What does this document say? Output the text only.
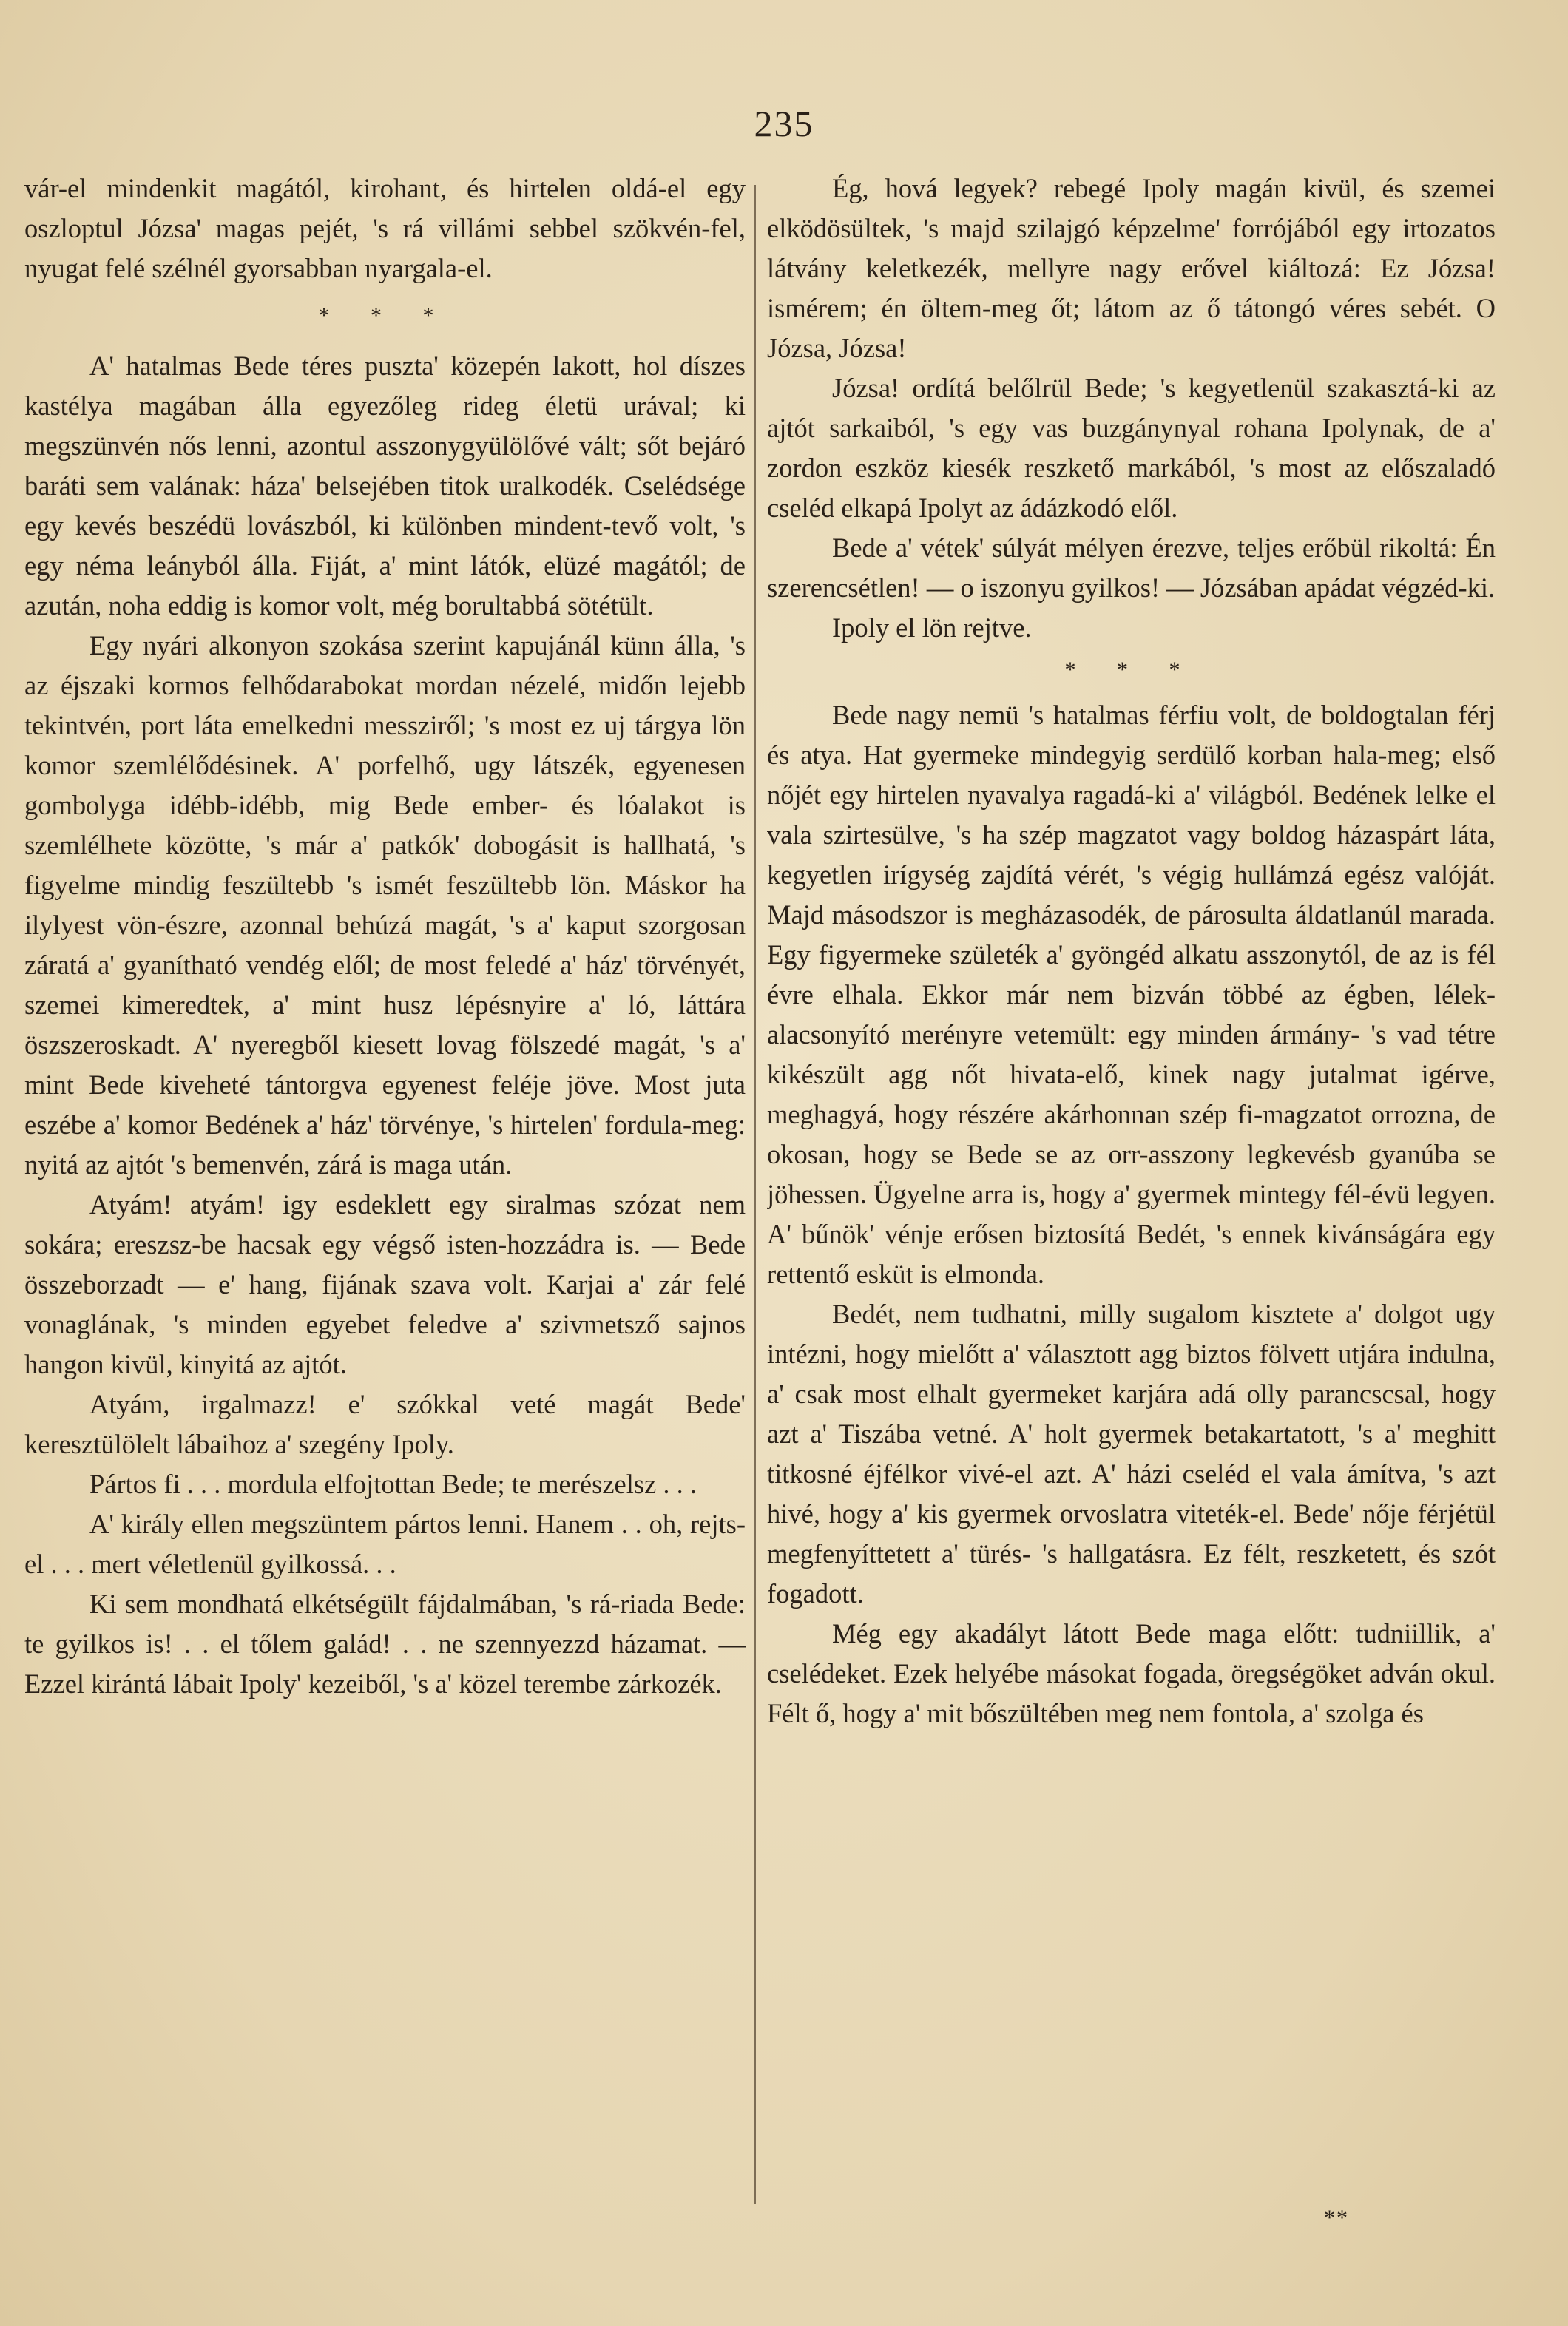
235

vár-el mindenkit magától, kirohant, és hirtelen oldá-el egy oszloptul Józsa' magas pejét, 's rá villámi sebbel szökvén-fel, nyugat felé szélnél gyorsabban nyargala-el.

* * *

A' hatalmas Bede téres puszta' közepén lakott, hol díszes kastélya magában álla egyezőleg rideg életü urával; ki megszünvén nős lenni, azontul asszonygyülölővé vált; sőt bejáró baráti sem valának: háza' belsejében titok uralkodék. Cselédsége egy kevés beszédü lovászból, ki különben mindent-tevő volt, 's egy néma leányból álla. Fiját, a' mint látók, elüzé magától; de azután, noha eddig is komor volt, még borultabbá sötétült.

Egy nyári alkonyon szokása szerint kapujánál künn álla, 's az éjszaki kormos felhődarabokat mordan nézelé, midőn lejebb tekintvén, port láta emelkedni messziről; 's most ez uj tárgya lön komor szemlélődésinek. A' porfelhő, ugy látszék, egyenesen gombolyga idébb-idébb, mig Bede ember- és lóalakot is szemlélhete közötte, 's már a' patkók' dobogásit is hallhatá, 's figyelme mindig feszültebb 's ismét feszültebb lön. Máskor ha ilylyest vön-észre, azonnal behúzá magát, 's a' kaput szorgosan záratá a' gyanítható vendég elől; de most feledé a' ház' törvényét, szemei kimeredtek, a' mint husz lépésnyire a' ló, láttára öszszeroskadt. A' nyeregből kiesett lovag fölszedé magát, 's a' mint Bede kiveheté tántorgva egyenest feléje jöve. Most juta eszébe a' komor Bedének a' ház' törvénye, 's hirtelen' fordula-meg: nyitá az ajtót 's bemenvén, zárá is maga után.

Atyám! atyám! igy esdeklett egy siralmas szózat nem sokára; ereszsz-be hacsak egy végső isten-hozzádra is. — Bede összeborzadt — e' hang, fijának szava volt. Karjai a' zár felé vonaglának, 's minden egyebet feledve a' szivmetsző sajnos hangon kivül, kinyitá az ajtót.

Atyám, irgalmazz! e' szókkal veté magát Bede' keresztülölelt lábaihoz a' szegény Ipoly.

Pártos fi . . . mordula elfojtottan Bede; te merészelsz . . .

A' király ellen megszüntem pártos lenni. Hanem . . oh, rejts-el . . . mert véletlenül gyilkossá. . .

Ki sem mondhatá elkétségült fájdalmában, 's rá-riada Bede: te gyilkos is! . . el tőlem galád! . . ne szennyezzd házamat. — Ezzel kirántá lábait Ipoly' kezeiből, 's a' közel terembe zárkozék.

Ég, hová legyek? rebegé Ipoly magán kivül, és szemei elködösültek, 's majd szilajgó képzelme' forrójából egy irtozatos látvány keletkezék, mellyre nagy erővel kiáltozá: Ez Józsa! ismérem; én öltem-meg őt; látom az ő tátongó véres sebét. O Józsa, Józsa!

Józsa! ordítá belőlrül Bede; 's kegyetlenül szakasztá-ki az ajtót sarkaiból, 's egy vas buzgánynyal rohana Ipolynak, de a' zordon eszköz kiesék reszkető markából, 's most az előszaladó cseléd elkapá Ipolyt az ádázkodó elől.

Bede a' vétek' súlyát mélyen érezve, teljes erőbül rikoltá: Én szerencsétlen! — o iszonyu gyilkos! — Józsában apádat végzéd-ki.

Ipoly el lön rejtve.

* * *

Bede nagy nemü 's hatalmas férfiu volt, de boldogtalan férj és atya. Hat gyermeke mindegyig serdülő korban hala-meg; első nőjét egy hirtelen nyavalya ragadá-ki a' világból. Bedének lelke el vala szirtesülve, 's ha szép magzatot vagy boldog házaspárt láta, kegyetlen irígység zajdítá vérét, 's végig hullámzá egész valóját. Majd másodszor is megházasodék, de párosulta áldatlanúl marada. Egy figyermeke születék a' gyöngéd alkatu asszonytól, de az is fél évre elhala. Ekkor már nem bizván többé az égben, lélek-alacsonyító merényre vetemült: egy minden ármány- 's vad tétre kikészült agg nőt hivata-elő, kinek nagy jutalmat igérve, meghagyá, hogy részére akárhonnan szép fi-magzatot orrozna, de okosan, hogy se Bede se az orr-asszony legkevésb gyanúba se jöhessen. Ügyelne arra is, hogy a' gyermek mintegy fél-évü legyen. A' bűnök' vénje erősen biztosítá Bedét, 's ennek kivánságára egy rettentő esküt is elmonda.

Bedét, nem tudhatni, milly sugalom kisztete a' dolgot ugy intézni, hogy mielőtt a' választott agg biztos fölvett utjára indulna, a' csak most elhalt gyermeket karjára adá olly parancscsal, hogy azt a' Tiszába vetné. A' holt gyermek betakartatott, 's a' meghitt titkosné éjfélkor vivé-el azt. A' házi cseléd el vala ámítva, 's azt hivé, hogy a' kis gyermek orvoslatra viteték-el. Bede' nője férjétül megfenyíttetett a' türés- 's hallgatásra. Ez félt, reszketett, és szót fogadott.

Még egy akadályt látott Bede maga előtt: tudniillik, a' cselédeket. Ezek helyébe másokat fogada, öregségöket adván okul. Félt ő, hogy a' mit bőszültében meg nem fontola, a' szolga és

**
